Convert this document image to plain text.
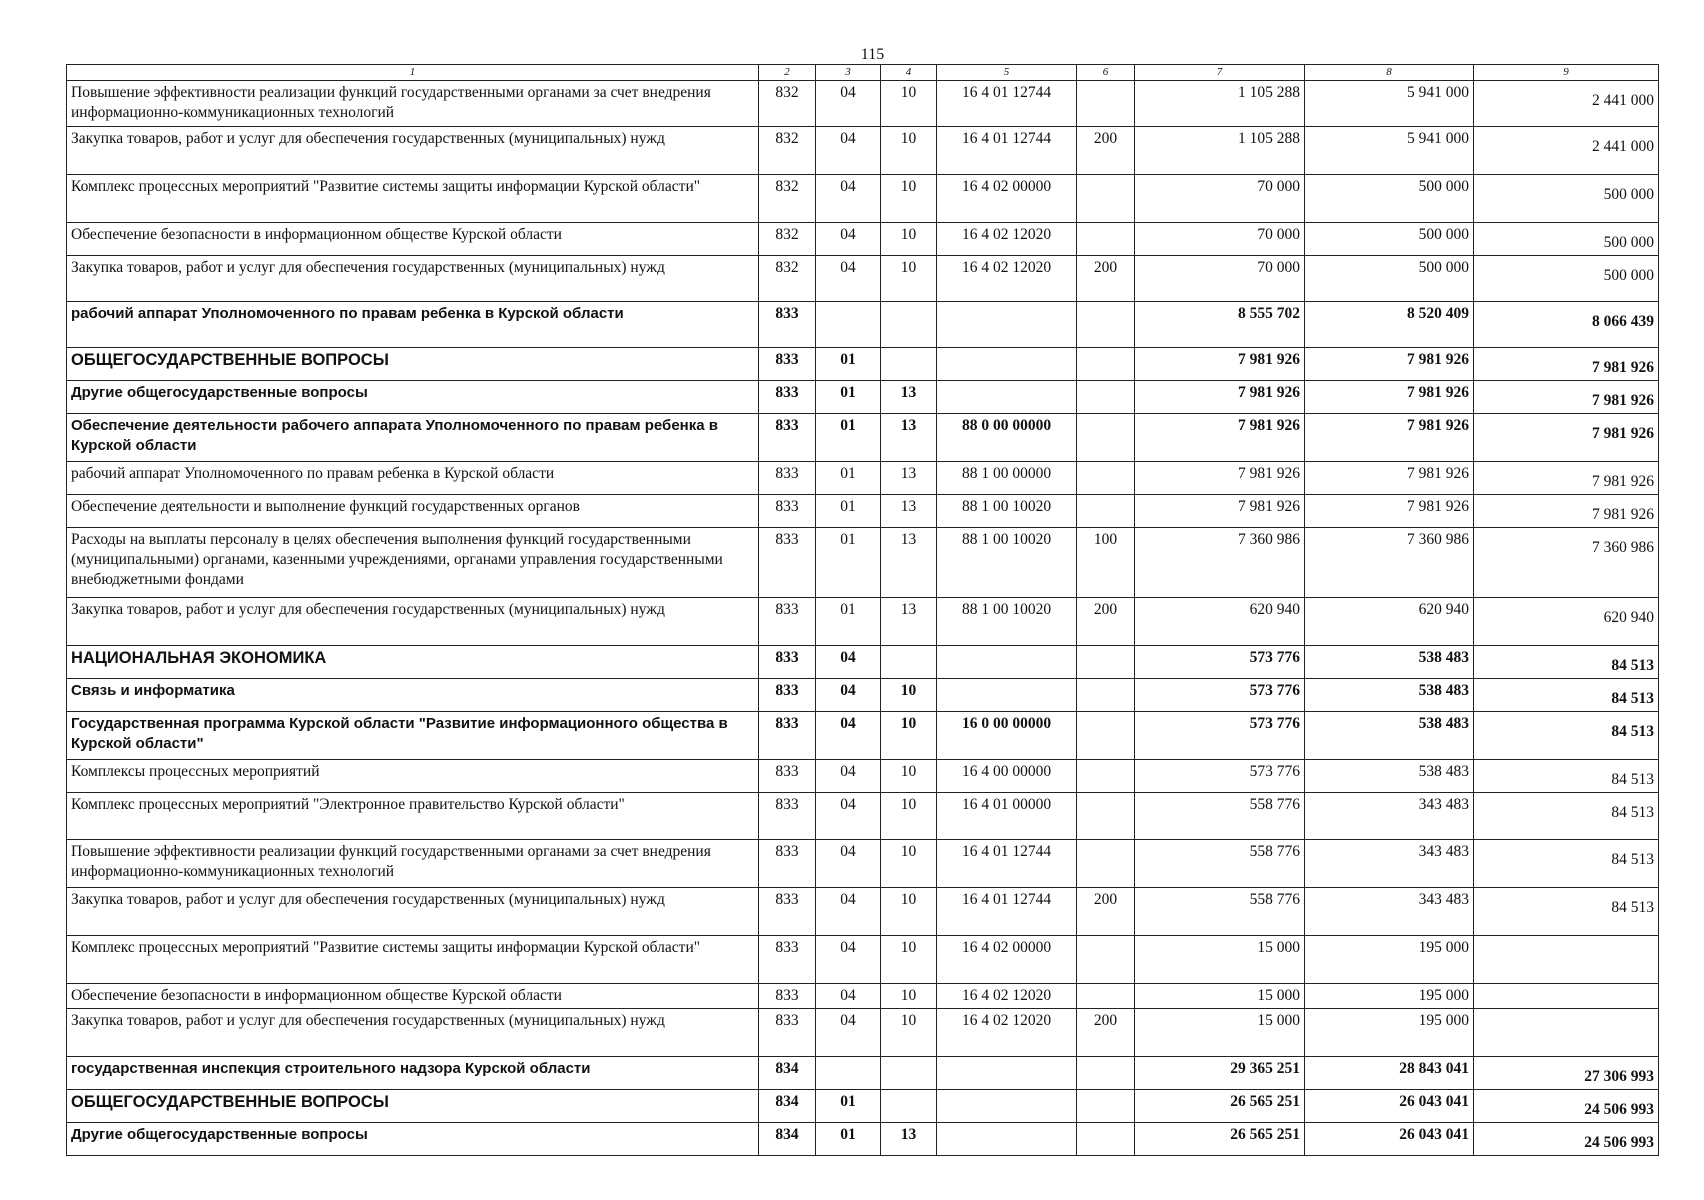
115
1	2	3	4	5	6	7	8	9
Повышение эффективности реализации функций государственными органами за счет внедрения информационно-коммуникационных технологий	832	04	10	16 4 01 12744		1 105 288	5 941 000	2 441 000
Закупка товаров, работ и услуг для обеспечения государственных (муниципальных) нужд	832	04	10	16 4 01 12744	200	1 105 288	5 941 000	2 441 000
Комплекс процессных мероприятий "Развитие системы защиты информации Курской области"	832	04	10	16 4 02 00000		70 000	500 000	500 000
Обеспечение безопасности в информационном обществе Курской области	832	04	10	16 4 02 12020		70 000	500 000	500 000
Закупка товаров, работ и услуг для обеспечения государственных (муниципальных) нужд	832	04	10	16 4 02 12020	200	70 000	500 000	500 000
рабочий аппарат Уполномоченного по правам ребенка в Курской области	833					8 555 702	8 520 409	8 066 439
ОБЩЕГОСУДАРСТВЕННЫЕ ВОПРОСЫ	833	01				7 981 926	7 981 926	7 981 926
Другие общегосударственные вопросы	833	01	13			7 981 926	7 981 926	7 981 926
Обеспечение деятельности рабочего аппарата Уполномоченного по правам ребенка в Курской области	833	01	13	88 0 00 00000		7 981 926	7 981 926	7 981 926
рабочий аппарат Уполномоченного по правам ребенка в Курской области	833	01	13	88 1 00 00000		7 981 926	7 981 926	7 981 926
Обеспечение деятельности и выполнение функций государственных органов	833	01	13	88 1 00 10020		7 981 926	7 981 926	7 981 926
Расходы на выплаты персоналу в целях обеспечения выполнения функций государственными (муниципальными) органами, казенными учреждениями, органами управления государственными внебюджетными фондами	833	01	13	88 1 00 10020	100	7 360 986	7 360 986	7 360 986
Закупка товаров, работ и услуг для обеспечения государственных (муниципальных) нужд	833	01	13	88 1 00 10020	200	620 940	620 940	620 940
НАЦИОНАЛЬНАЯ ЭКОНОМИКА	833	04				573 776	538 483	84 513
Связь и информатика	833	04	10			573 776	538 483	84 513
Государственная программа Курской области "Развитие информационного общества в Курской области"	833	04	10	16 0 00 00000		573 776	538 483	84 513
Комплексы процессных мероприятий	833	04	10	16 4 00 00000		573 776	538 483	84 513
Комплекс процессных мероприятий "Электронное правительство Курской области"	833	04	10	16 4 01 00000		558 776	343 483	84 513
Повышение эффективности реализации функций государственными органами за счет внедрения информационно-коммуникационных технологий	833	04	10	16 4 01 12744		558 776	343 483	84 513
Закупка товаров, работ и услуг для обеспечения государственных (муниципальных) нужд	833	04	10	16 4 01 12744	200	558 776	343 483	84 513
Комплекс процессных мероприятий "Развитие системы защиты информации Курской области"	833	04	10	16 4 02 00000		15 000	195 000	
Обеспечение безопасности в информационном обществе Курской области	833	04	10	16 4 02 12020		15 000	195 000	
Закупка товаров, работ и услуг для обеспечения государственных (муниципальных) нужд	833	04	10	16 4 02 12020	200	15 000	195 000	
государственная инспекция строительного надзора Курской области	834					29 365 251	28 843 041	27 306 993
ОБЩЕГОСУДАРСТВЕННЫЕ ВОПРОСЫ	834	01				26 565 251	26 043 041	24 506 993
Другие общегосударственные вопросы	834	01	13			26 565 251	26 043 041	24 506 993
